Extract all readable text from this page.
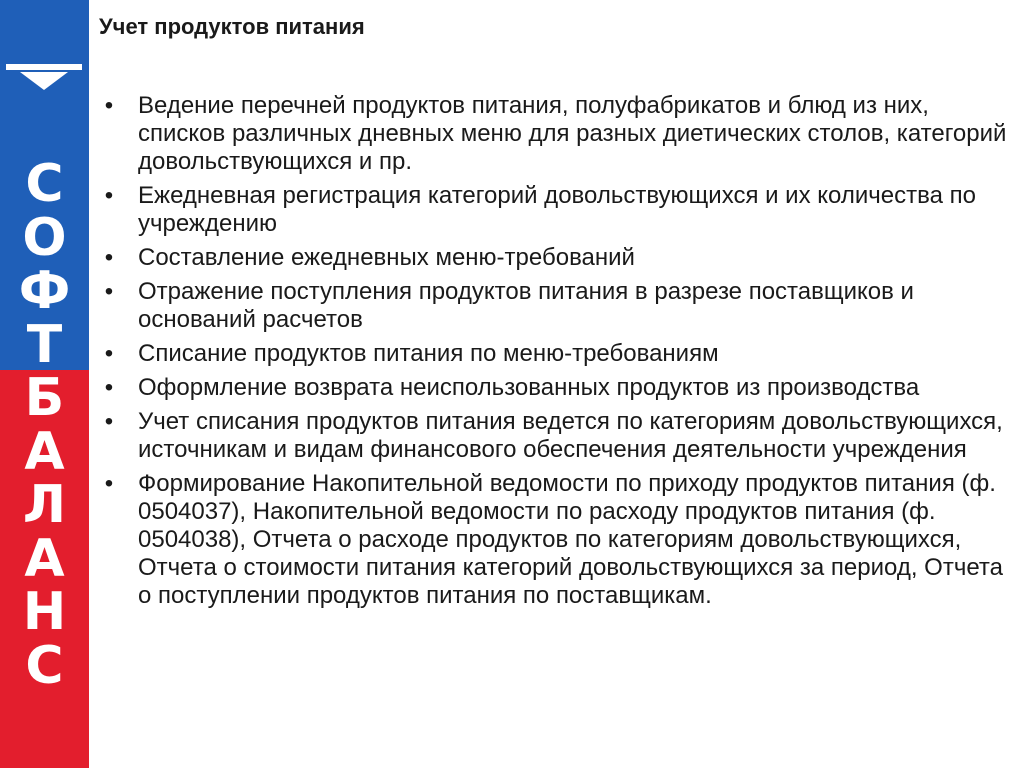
С
О
Ф
Т
Б
А
Л
А
Н
С
Учет продуктов питания
• Ведение перечней продуктов питания, полуфабрикатов и блюд из них, списков различных дневных меню для разных диетических столов, категорий довольствующихся и пр.
• Ежедневная регистрация категорий довольствующихся и их количества по учреждению
• Составление ежедневных меню-требований
• Отражение поступления продуктов питания в разрезе поставщиков и оснований расчетов
• Списание продуктов питания по меню-требованиям
• Оформление возврата неиспользованных продуктов из производства
• Учет списания продуктов питания ведется по категориям довольствующихся, источникам и видам финансового обеспечения деятельности учреждения
• Формирование Накопительной ведомости по приходу продуктов питания (ф. 0504037), Накопительной ведомости по расходу продуктов питания (ф. 0504038), Отчета о расходе продуктов по категориям довольствующихся, Отчета о стоимости питания категорий довольствующихся за период, Отчета о поступлении продуктов питания по поставщикам.
